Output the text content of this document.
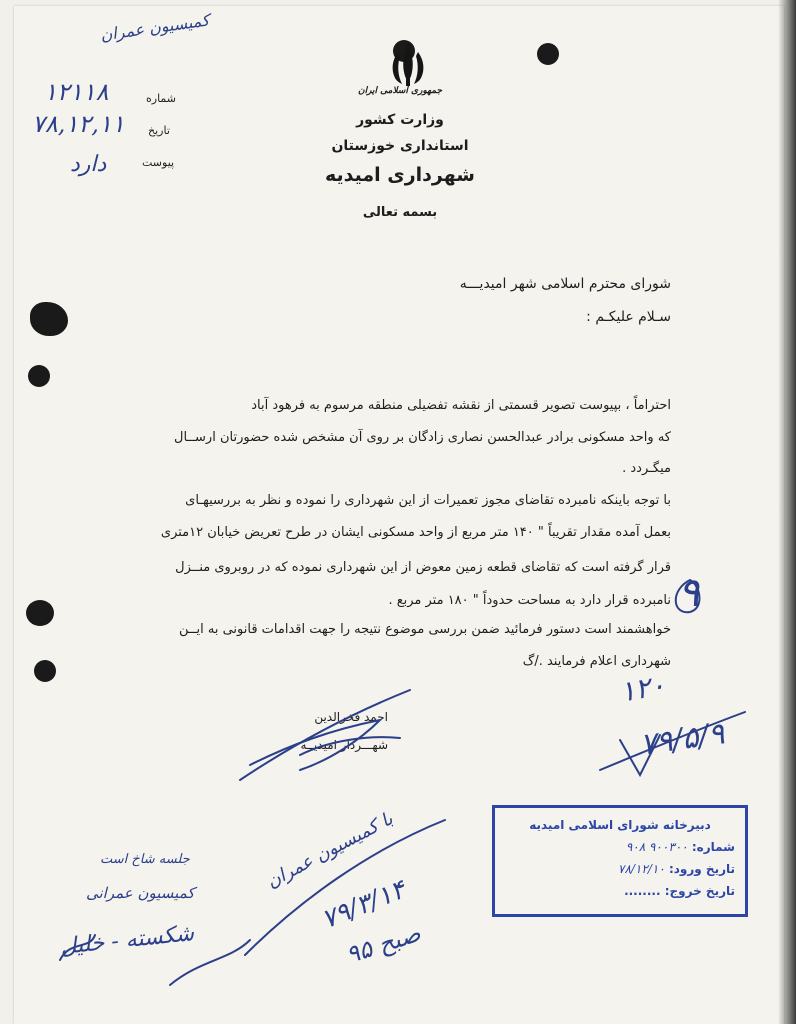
جمهوری اسلامی ایران
وزارت کشور
استانداری خوزستان
شهرداری امیدیه
بسمه تعالی
شماره
تاریخ
پیوست
۱۲۱۱۸
۷۸,۱۲,۱۱
دارد
کمیسیون عمران
شورای محترم اسلامی شهر امیدیـــه
سـلام علیکـم :
احتراماً ، بپیوست تصویر قسمتی از نقشه تفضیلی منطقه مرسوم به فرهود آباد
که واحد مسکونی برادر عبدالحسن نصاری زادگان بر روی آن مشخص شده حضورتان ارســال
میگـردد .
با توجه باینکه نامبرده تقاضای مجوز تعمیرات از این شهرداری را نموده و نظر به بررسیهـای
بعمل آمده مقدار تقریباً " ۱۴۰ متر مربع از واحد مسکونی ایشان در طرح تعریض خیابان ۱۲متری
قرار گرفته است که تقاضای قطعه زمین معوض از این شهرداری نموده که در روبروی منــزل
نامبرده قرار دارد به مساحت حدوداً " ۱۸۰ متر مربع .
خواهشمند است دستور فرمائید ضمن بررسی موضوع نتیجه را جهت اقدامات قانونی به ایــن
شهرداری اعلام فرمایند ./گ
احمد فخرالدین
شهـــردار امیدیــه
۹
۱۲۰
۷۹/۵/۹
جلسه شاخ است
کمیسیون عمرانی
شکسته - خلیل
با کمیسیون عمران
۷۹/۳/۱۴
صبح ۹۵
دبیرخانه شورای اسلامی امیدیه
شماره: ۹۰۰۳۰۰ ۹۰۸
تاریخ ورود: ۷۸/۱۲/۱۰
تاریخ خروج: ........
